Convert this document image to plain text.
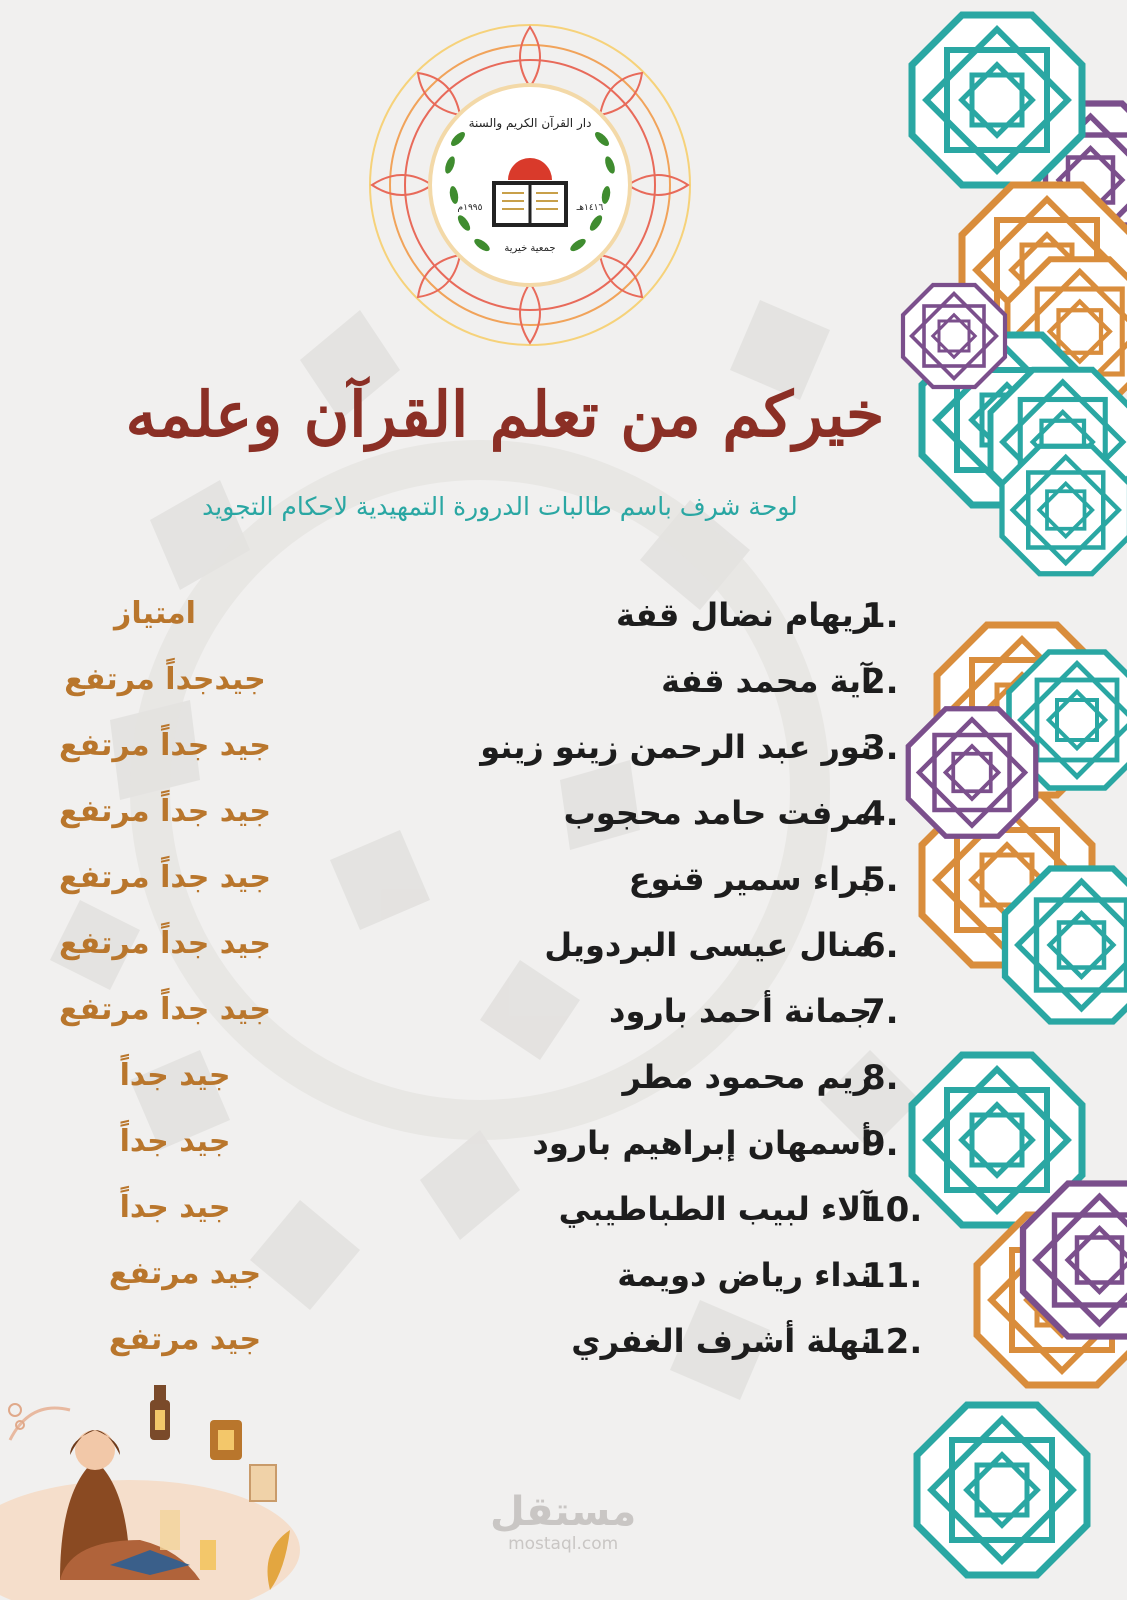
دار القرآن الكريم والسنة
جمعية خيرية
١٩٩٥م	١٤١٦هـ
خيركم من تعلم القرآن وعلمه
لوحة شرف باسم طالبات الدرورة التمهيدية لاحكام التجويد
1.
ريهام نضال قفة
امتياز
2.
آية محمد قفة
جيدجداً مرتفع
3.
نور عبد الرحمن زينو زينو
جيد جداً مرتفع
4.
مرفت حامد محجوب
جيد جداً مرتفع
5.
براء سمير قنوع
جيد جداً مرتفع
6.
منال عيسى البردويل
جيد جداً مرتفع
7.
جمانة أحمد بارود
جيد جداً مرتفع
8.
ريم محمود مطر
جيد جداً
9.
أسمهان إبراهيم بارود
جيد جداً
10.
آلاء لبيب الطباطيبي
جيد جداً
11.
نداء رياض دويمة
جيد مرتفع
12.
نهلة أشرف الغفري
جيد مرتفع
مستقل
mostaql.com
